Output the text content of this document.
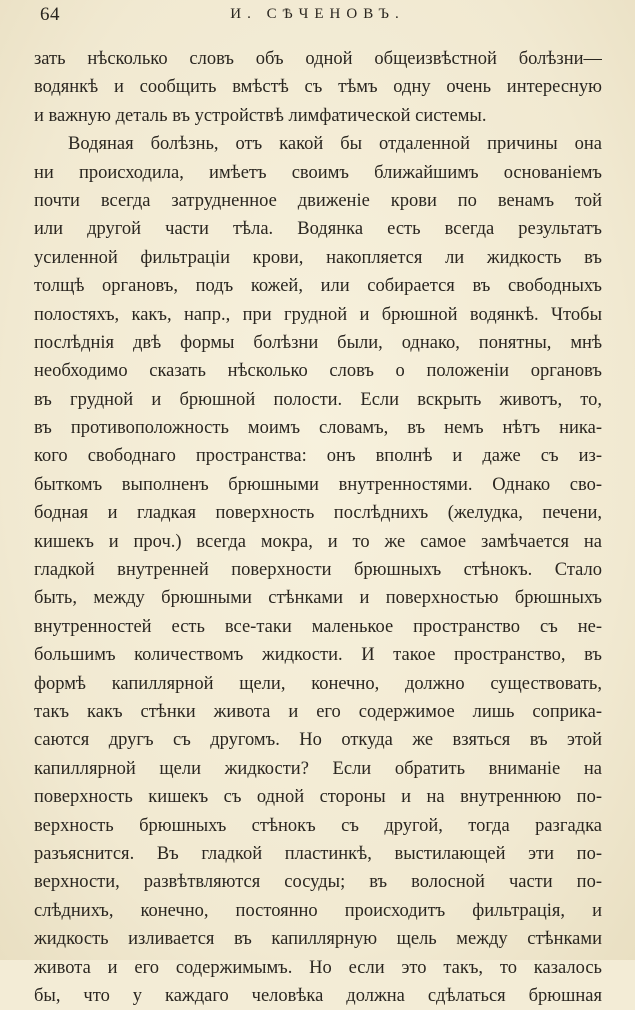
64	И. СѢЧЕНОВЪ.
зать нѣсколько словъ объ одной общеизвѣстной болѣзни—
водянкѣ и сообщить вмѣстѣ съ тѣмъ одну очень интересную
и важную деталь въ устройствѣ лимфатической системы.
Водяная болѣзнь, отъ какой бы отдаленной причины она
ни происходила, имѣетъ своимъ ближайшимъ основаніемъ
почти всегда затрудненное движеніе крови по венамъ той
или другой части тѣла. Водянка есть всегда результатъ
усиленной фильтраціи крови, накопляется ли жидкость въ
толщѣ органовъ, подъ кожей, или собирается въ свободныхъ
полостяхъ, какъ, напр., при грудной и брюшной водянкѣ. Чтобы
послѣднія двѣ формы болѣзни были, однако, понятны, мнѣ
необходимо сказать нѣсколько словъ о положеніи органовъ
въ грудной и брюшной полости. Если вскрыть животъ, то,
въ противоположность моимъ словамъ, въ немъ нѣтъ ника-
кого свободнаго пространства: онъ вполнѣ и даже съ из-
быткомъ выполненъ брюшными внутренностями. Однако сво-
бодная и гладкая поверхность послѣднихъ (желудка, печени,
кишекъ и проч.) всегда мокра, и то же самое замѣчается на
гладкой внутренней поверхности брюшныхъ стѣнокъ. Стало
быть, между брюшными стѣнками и поверхностью брюшныхъ
внутренностей есть все-таки маленькое пространство съ не-
большимъ количествомъ жидкости. И такое пространство, въ
формѣ капиллярной щели, конечно, должно существовать,
такъ какъ стѣнки живота и его содержимое лишь соприка-
саются другъ съ другомъ. Но откуда же взяться въ этой
капиллярной щели жидкости? Если обратить вниманіе на
поверхность кишекъ съ одной стороны и на внутреннюю по-
верхность брюшныхъ стѣнокъ съ другой, тогда разгадка
разъяснится. Въ гладкой пластинкѣ, выстилающей эти по-
верхности, развѣтвляются сосуды; въ волосной части по-
слѣднихъ, конечно, постоянно происходитъ фильтрація, и
жидкость изливается въ капиллярную щель между стѣнками
живота и его содержимымъ. Но если это такъ, то казалось
бы, что у каждаго человѣка должна сдѣлаться брюшная
